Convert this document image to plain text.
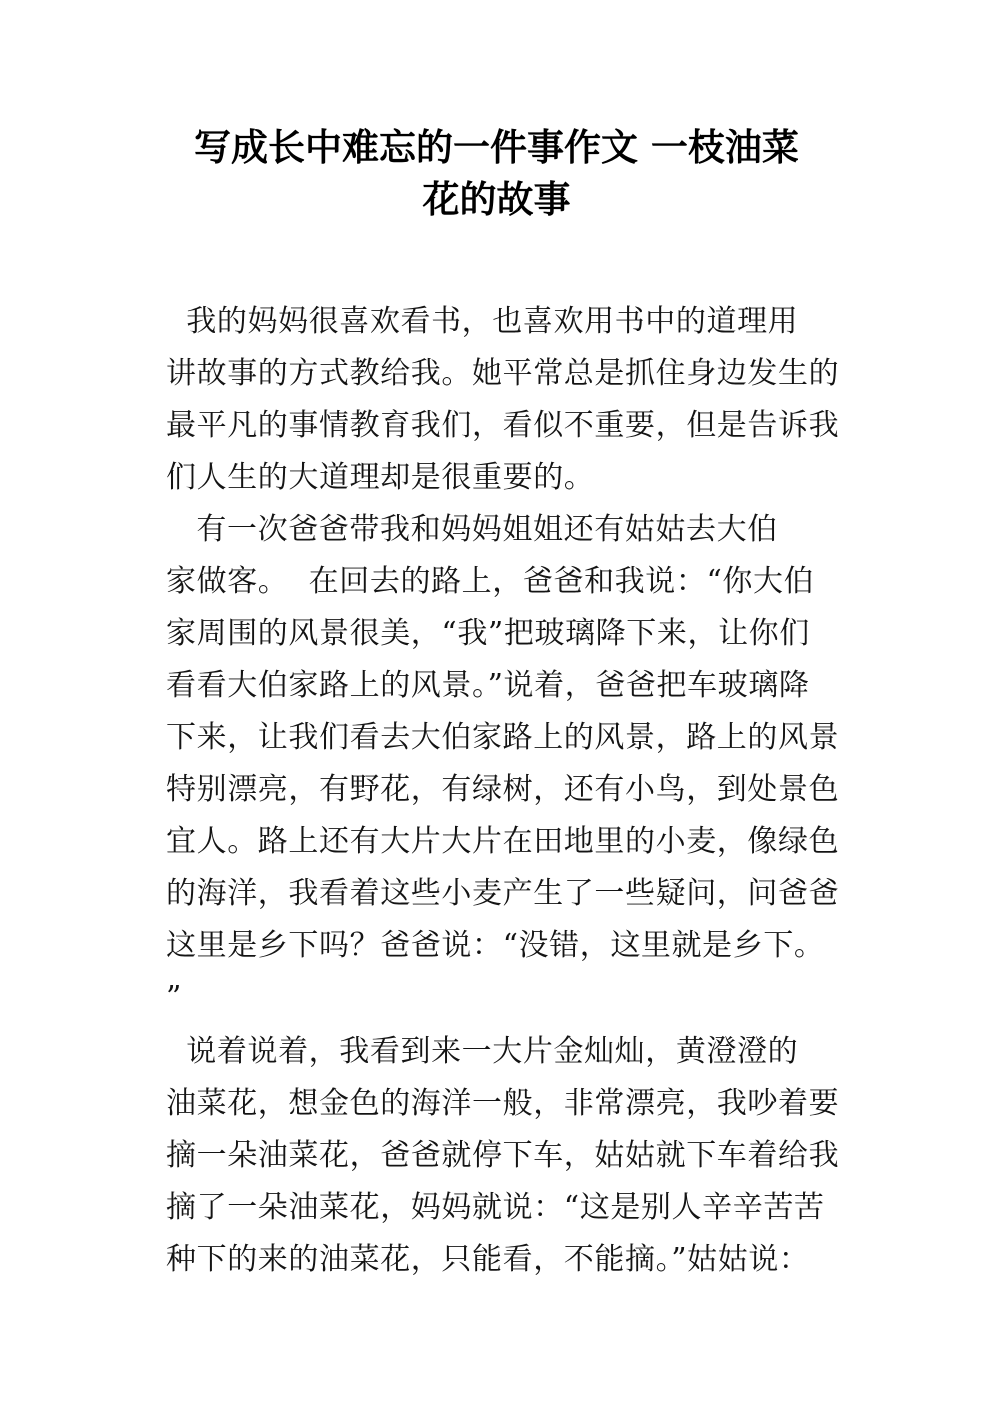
写成长中难忘的一件事作文 一枝油菜
花的故事
我的妈妈很喜欢看书，也喜欢用书中的道理用
讲故事的方式教给我。她平常总是抓住身边发生的
最平凡的事情教育我们，看似不重要，但是告诉我
们人生的大道理却是很重要的。
有一次爸爸带我和妈妈姐姐还有姑姑去大伯
家做客。  在回去的路上，爸爸和我说：“你大伯
家周围的风景很美，“我”把玻璃降下来，让你们
看看大伯家路上的风景。”说着，爸爸把车玻璃降
下来，让我们看去大伯家路上的风景，路上的风景
特别漂亮，有野花，有绿树，还有小鸟，到处景色
宜人。路上还有大片大片在田地里的小麦，像绿色
的海洋，我看着这些小麦产生了一些疑问，问爸爸
这里是乡下吗？爸爸说：“没错，这里就是乡下。
”
说着说着，我看到来一大片金灿灿，黄澄澄的
油菜花，想金色的海洋一般，非常漂亮，我吵着要
摘一朵油菜花，爸爸就停下车，姑姑就下车着给我
摘了一朵油菜花，妈妈就说：“这是别人辛辛苦苦
种下的来的油菜花，只能看，不能摘。”姑姑说：
